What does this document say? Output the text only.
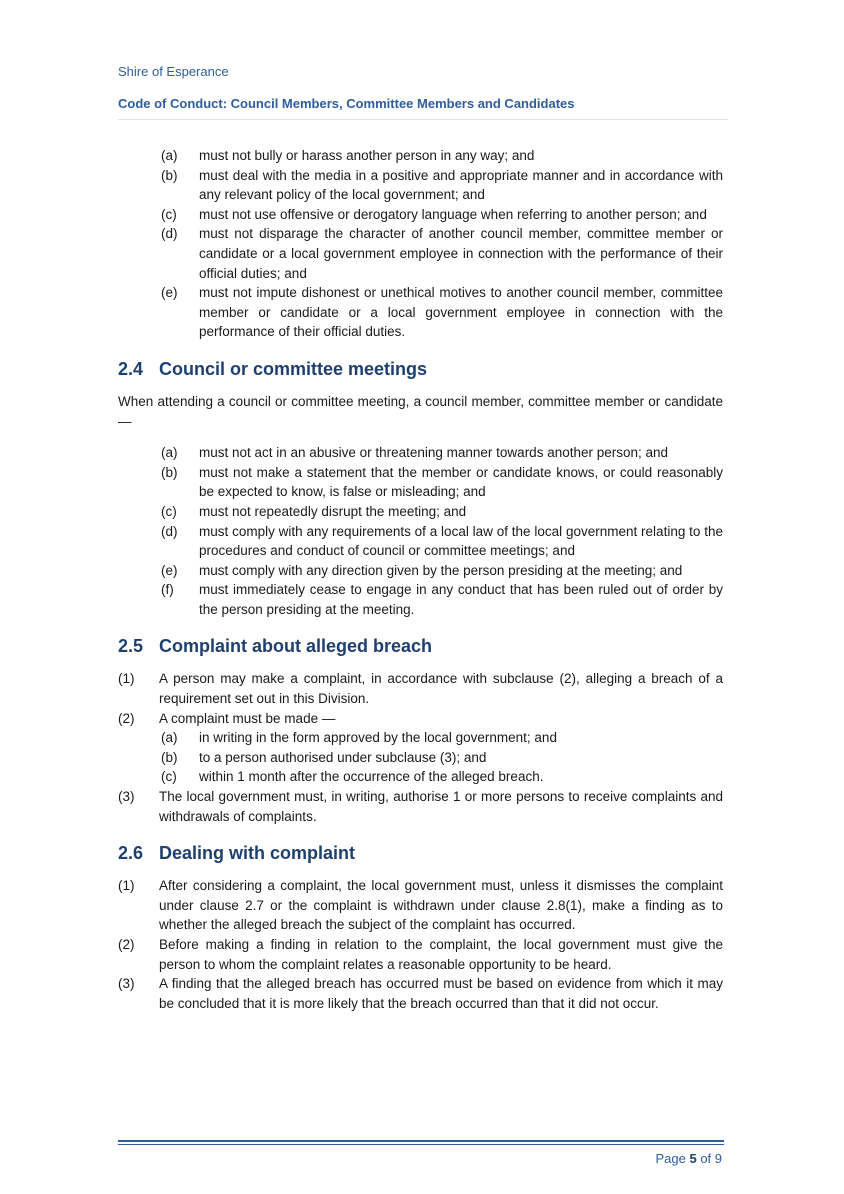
Shire of Esperance
Code of Conduct: Council Members, Committee Members and Candidates
(a) must not bully or harass another person in any way; and
(b) must deal with the media in a positive and appropriate manner and in accordance with any relevant policy of the local government; and
(c) must not use offensive or derogatory language when referring to another person; and
(d) must not disparage the character of another council member, committee member or candidate or a local government employee in connection with the performance of their official duties; and
(e) must not impute dishonest or unethical motives to another council member, committee member or candidate or a local government employee in connection with the performance of their official duties.
2.4 Council or committee meetings
When attending a council or committee meeting, a council member, committee member or candidate —
(a) must not act in an abusive or threatening manner towards another person; and
(b) must not make a statement that the member or candidate knows, or could reasonably be expected to know, is false or misleading; and
(c) must not repeatedly disrupt the meeting; and
(d) must comply with any requirements of a local law of the local government relating to the procedures and conduct of council or committee meetings; and
(e) must comply with any direction given by the person presiding at the meeting; and
(f) must immediately cease to engage in any conduct that has been ruled out of order by the person presiding at the meeting.
2.5 Complaint about alleged breach
(1) A person may make a complaint, in accordance with subclause (2), alleging a breach of a requirement set out in this Division.
(2) A complaint must be made —
(a) in writing in the form approved by the local government; and
(b) to a person authorised under subclause (3); and
(c) within 1 month after the occurrence of the alleged breach.
(3) The local government must, in writing, authorise 1 or more persons to receive complaints and withdrawals of complaints.
2.6 Dealing with complaint
(1) After considering a complaint, the local government must, unless it dismisses the complaint under clause 2.7 or the complaint is withdrawn under clause 2.8(1), make a finding as to whether the alleged breach the subject of the complaint has occurred.
(2) Before making a finding in relation to the complaint, the local government must give the person to whom the complaint relates a reasonable opportunity to be heard.
(3) A finding that the alleged breach has occurred must be based on evidence from which it may be concluded that it is more likely that the breach occurred than that it did not occur.
Page 5 of 9
